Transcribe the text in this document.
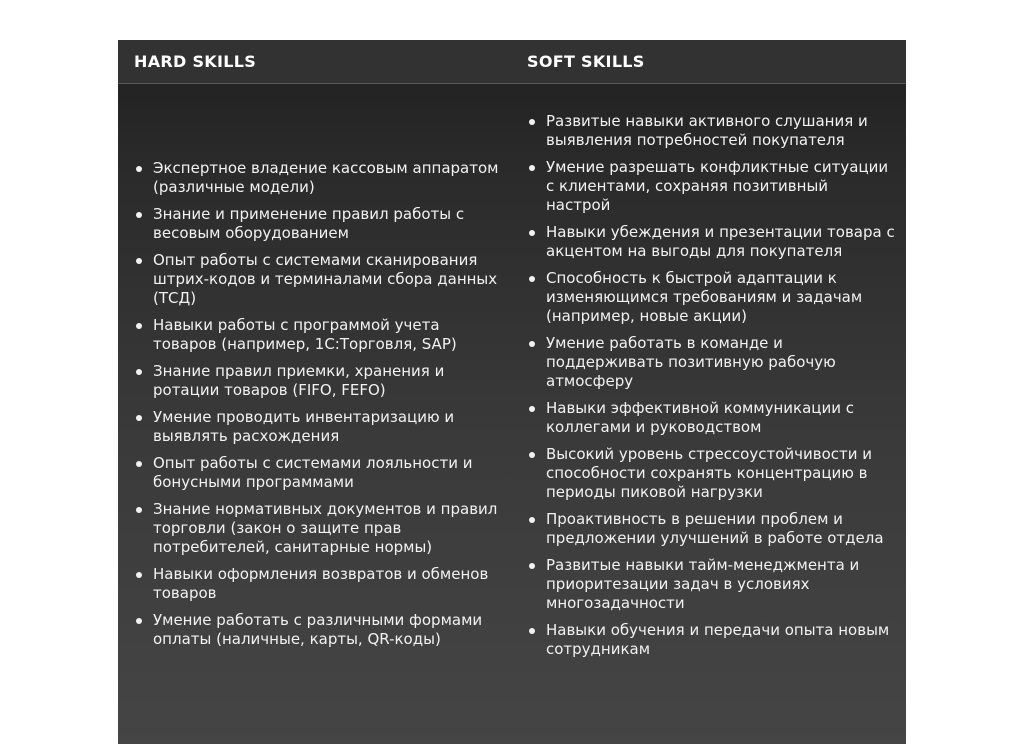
HARD SKILLS	SOFT SKILLS
Экспертное владение кассовым аппаратом (различные модели)
Знание и применение правил работы с весовым оборудованием
Опыт работы с системами сканирования штрих-кодов и терминалами сбора данных (ТСД)
Навыки работы с программой учета товаров (например, 1С:Торговля, SAP)
Знание правил приемки, хранения и ротации товаров (FIFO, FEFO)
Умение проводить инвентаризацию и выявлять расхождения
Опыт работы с системами лояльности и бонусными программами
Знание нормативных документов и правил торговли (закон о защите прав потребителей, санитарные нормы)
Навыки оформления возвратов и обменов товаров
Умение работать с различными формами оплаты (наличные, карты, QR-коды)
Развитые навыки активного слушания и выявления потребностей покупателя
Умение разрешать конфликтные ситуации с клиентами, сохраняя позитивный настрой
Навыки убеждения и презентации товара с акцентом на выгоды для покупателя
Способность к быстрой адаптации к изменяющимся требованиям и задачам (например, новые акции)
Умение работать в команде и поддерживать позитивную рабочую атмосферу
Навыки эффективной коммуникации с коллегами и руководством
Высокий уровень стрессоустойчивости и способности сохранять концентрацию в периоды пиковой нагрузки
Проактивность в решении проблем и предложении улучшений в работе отдела
Развитые навыки тайм-менеджмента и приоритезации задач в условиях многозадачности
Навыки обучения и передачи опыта новым сотрудникам
